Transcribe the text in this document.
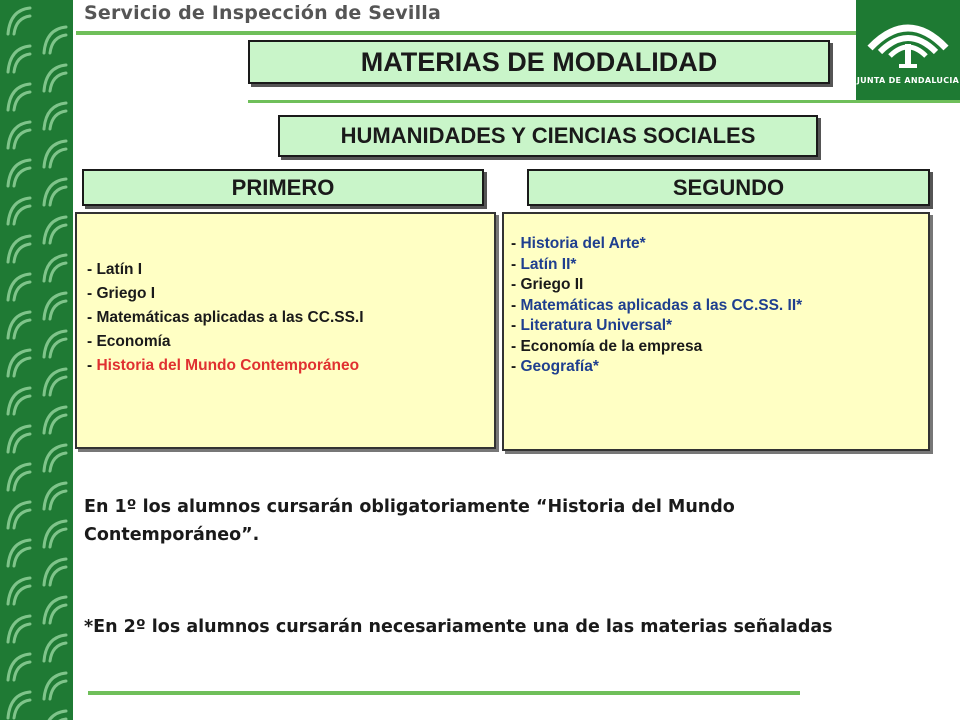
Servicio de Inspección de Sevilla
JUNTA DE ANDALUCIA
MATERIAS DE MODALIDAD
HUMANIDADES Y CIENCIAS SOCIALES
PRIMERO	SEGUNDO
- Latín I
- Griego I
- Matemáticas aplicadas a las CC.SS.I
- Economía
- Historia del Mundo Contemporáneo
- Historia del Arte*
- Latín II*
- Griego II
- Matemáticas aplicadas a las CC.SS. II*
- Literatura Universal*
- Economía de la empresa
- Geografía*
En 1º los alumnos cursarán obligatoriamente “Historia del Mundo Contemporáneo”.
*En 2º los alumnos cursarán necesariamente una de las materias señaladas
